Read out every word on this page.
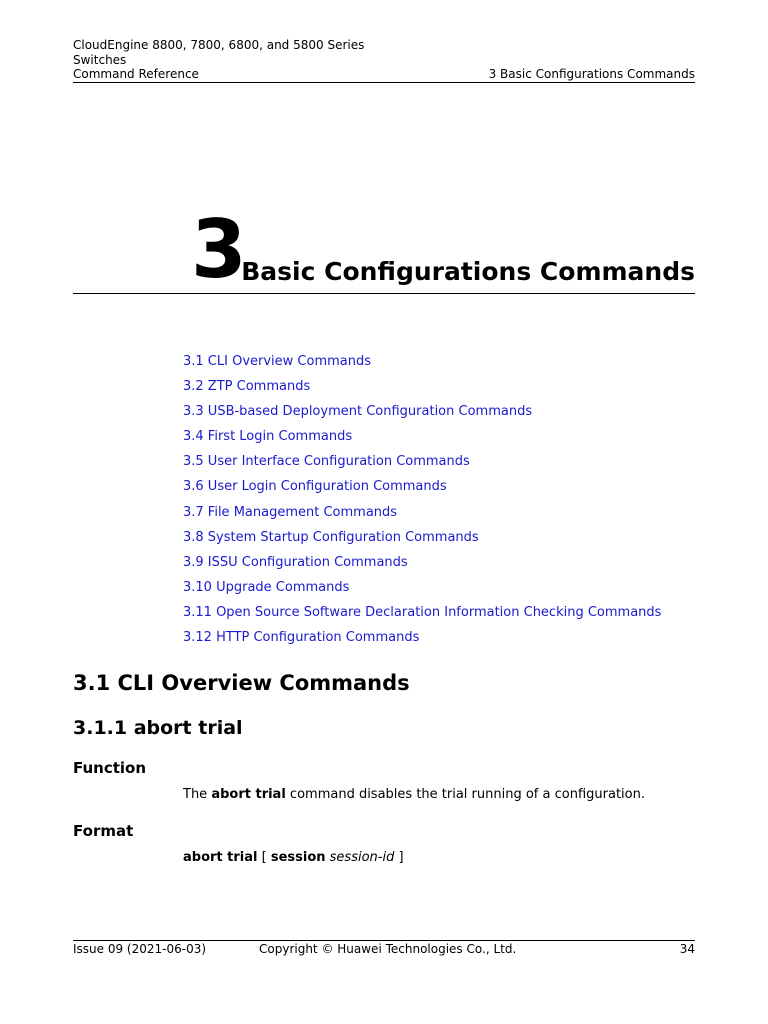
CloudEngine 8800, 7800, 6800, and 5800 Series
Switches
Command Reference	3 Basic Configurations Commands
3
Basic Configurations Commands
3.1 CLI Overview Commands
3.2 ZTP Commands
3.3 USB-based Deployment Configuration Commands
3.4 First Login Commands
3.5 User Interface Configuration Commands
3.6 User Login Configuration Commands
3.7 File Management Commands
3.8 System Startup Configuration Commands
3.9 ISSU Configuration Commands
3.10 Upgrade Commands
3.11 Open Source Software Declaration Information Checking Commands
3.12 HTTP Configuration Commands
3.1 CLI Overview Commands
3.1.1 abort trial
Function

The abort trial command disables the trial running of a configuration.

Format

abort trial [ session session-id ]

Issue 09 (2021-06-03)	Copyright © Huawei Technologies Co., Ltd.	34
